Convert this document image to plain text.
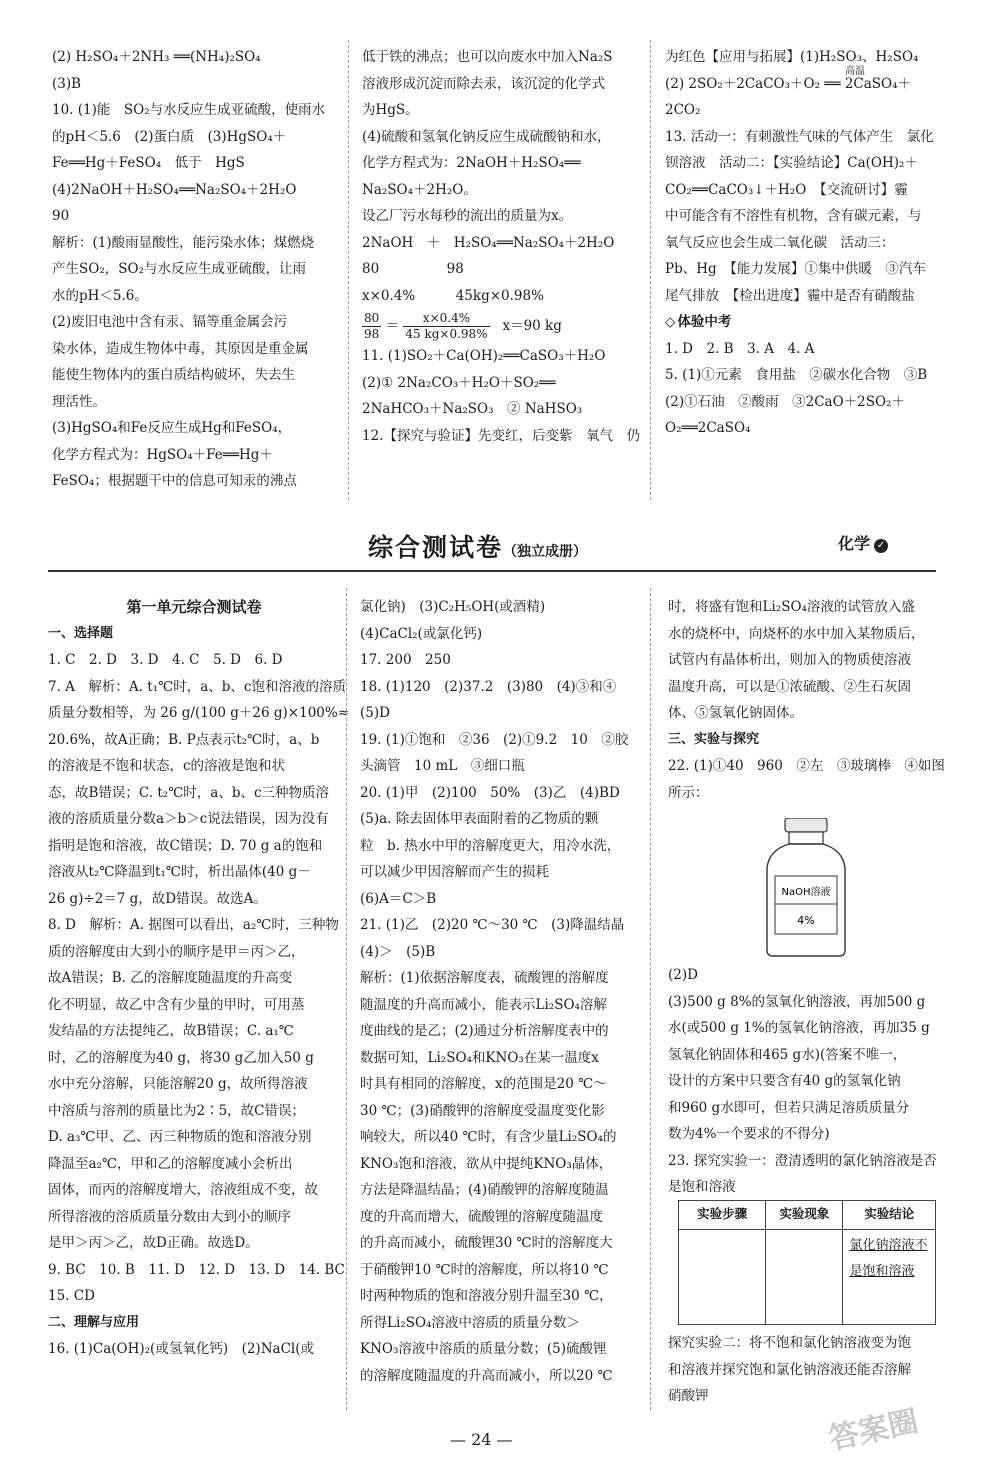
(2) H₂SO₄＋2NH₃ ══(NH₄)₂SO₄
(3)B
10. (1)能　SO₂与水反应生成亚硫酸，使雨水
的pH＜5.6　(2)蛋白质　(3)HgSO₄＋
Fe══Hg＋FeSO₄　低于　HgS
(4)2NaOH＋H₂SO₄══Na₂SO₄＋2H₂O
90
解析：(1)酸雨显酸性，能污染水体；煤燃烧
产生SO₂，SO₂与水反应生成亚硫酸，让雨
水的pH＜5.6。
(2)废旧电池中含有汞、镉等重金属会污
染水体，造成生物体中毒，其原因是重金属
能使生物体内的蛋白质结构破坏，失去生
理活性。
(3)HgSO₄和Fe反应生成Hg和FeSO₄，
化学方程式为：HgSO₄＋Fe══Hg＋
FeSO₄；根据题干中的信息可知汞的沸点
低于铁的沸点；也可以向废水中加入Na₂S
溶液形成沉淀而除去汞，该沉淀的化学式
为HgS。
(4)硫酸和氢氧化钠反应生成硫酸钠和水，
化学方程式为：2NaOH＋H₂SO₄══
Na₂SO₄＋2H₂O。
设乙厂污水每秒的流出的质量为x。
2NaOH　＋　H₂SO₄══Na₂SO₄＋2H₂O
80　　　　　98
x×0.4%　　　45kg×0.98%
$\frac{80}{98} = \frac{x\times 0.4\%}{45 kg\times 0.98\%} x=90$ kg
11. (1)SO₂＋Ca(OH)₂══CaSO₃＋H₂O
(2)① 2Na₂CO₃＋H₂O＋SO₂══
2NaHCO₃＋Na₂SO₃　② NaHSO₃
12.【探究与验证】先变红，后变紫　氧气　仍
为红色【应用与拓展】(1)H₂SO₃、H₂SO₄
(2) 2SO₂＋2CaCO₃＋O₂ ══ 2CaSO₄＋
高温
2CO₂
13. 活动一：有刺激性气味的气体产生　氯化
钡溶液　活动二：【实验结论】Ca(OH)₂＋
CO₂══CaCO₃↓＋H₂O　【交流研讨】霾
中可能含有不溶性有机物，含有碳元素，与
氧气反应也会生成二氧化碳　活动三：
Pb、Hg　【能力发展】①集中供暖　③汽车
尾气排放　【检出进度】霾中是否有硝酸盐
◇ 体验中考
1. D　2. B　3. A　4. A
5. (1)①元素　食用盐　②碳水化合物　③B
(2)①石油　②酸雨　③2CaO＋2SO₂＋
O₂══2CaSO₄
综合测试卷（独立成册）	化学 ✓
第一单元综合测试卷
一、选择题
1. C　2. D　3. D　4. C　5. D　6. D
7. A　解析：A. t₁℃时，a、b、c饱和溶液的溶质
质量分数相等，为 26 g/(100 g＋26 g)×100%≈
20.6%，故A正确；B. P点表示t₂℃时，a、b
的溶液是不饱和状态，c的溶液是饱和状
态，故B错误；C. t₂℃时，a、b、c三种物质溶
液的溶质质量分数a＞b＞c说法错误，因为没有
指明是饱和溶液，故C错误；D. 70 g a的饱和
溶液从t₂℃降温到t₁℃时，析出晶体(40 g－
26 g)÷2＝7 g，故D错误。故选A。
8. D　解析：A. 据图可以看出，a₂℃时，三种物
质的溶解度由大到小的顺序是甲＝丙＞乙，
故A错误；B. 乙的溶解度随温度的升高变
化不明显，故乙中含有少量的甲时，可用蒸
发结晶的方法提纯乙，故B错误；C. a₁℃
时，乙的溶解度为40 g，将30 g乙加入50 g
水中充分溶解，只能溶解20 g，故所得溶液
中溶质与溶剂的质量比为2∶5，故C错误；
D. a₃℃甲、乙、丙三种物质的饱和溶液分别
降温至a₂℃，甲和乙的溶解度减小会析出
固体，而丙的溶解度增大，溶液组成不变，故
所得溶液的溶质质量分数由大到小的顺序
是甲＞丙＞乙，故D正确。故选D。
9. BC　10. B　11. D　12. D　13. D　14. BC
15. CD
二、理解与应用
16. (1)Ca(OH)₂(或氢氧化钙)　(2)NaCl(或
氯化钠)　(3)C₂H₅OH(或酒精)
(4)CaCl₂(或氯化钙)
17. 200　250
18. (1)120　(2)37.2　(3)80　(4)③和④
(5)D
19. (1)①饱和　②36　(2)①9.2　10　②胶
头滴管　10 mL　③细口瓶
20. (1)甲　(2)100　50%　(3)乙　(4)BD
(5)a. 除去固体甲表面附着的乙物质的颗
粒　b. 热水中甲的溶解度更大，用冷水洗，
可以减少甲因溶解而产生的损耗
(6)A＝C＞B
21. (1)乙　(2)20 ℃～30 ℃　(3)降温结晶
(4)＞　(5)B
解析：(1)依据溶解度表，硫酸锂的溶解度
随温度的升高而减小，能表示Li₂SO₄溶解
度曲线的是乙；(2)通过分析溶解度表中的
数据可知，Li₂SO₄和KNO₃在某一温度x
时具有相同的溶解度，x的范围是20 ℃～
30 ℃；(3)硝酸钾的溶解度受温度变化影
响较大，所以40 ℃时，有含少量Li₂SO₄的
KNO₃饱和溶液，欲从中提纯KNO₃晶体，
方法是降温结晶；(4)硝酸钾的溶解度随温
度的升高而增大，硫酸锂的溶解度随温度
的升高而减小，硫酸锂30 ℃时的溶解度大
于硝酸钾10 ℃时的溶解度，所以将10 ℃
时两种物质的饱和溶液分别升温至30 ℃，
所得Li₂SO₄溶液中溶质的质量分数＞
KNO₃溶液中溶质的质量分数；(5)硫酸锂
的溶解度随温度的升高而减小，所以20 ℃
时，将盛有饱和Li₂SO₄溶液的试管放入盛
水的烧杯中，向烧杯的水中加入某物质后，
试管内有晶体析出，则加入的物质使溶液
温度升高，可以是①浓硫酸、②生石灰固
体、⑤氢氧化钠固体。
三、实验与探究
22. (1)①40　960　②左　③玻璃棒　④如图
所示：
NaOH溶液
4%
(2)D
(3)500 g 8%的氢氧化钠溶液，再加500 g
水(或500 g 1%的氢氧化钠溶液，再加35 g
氢氧化钠固体和465 g水)(答案不唯一，
设计的方案中只要含有40 g的氢氧化钠
和960 g水即可，但若只满足溶质质量分
数为4%一个要求的不得分)
23. 探究实验一：澄清透明的氯化钠溶液是否
是饱和溶液
实验步骤	实验现象	实验结论
		氯化钠溶液不是饱和溶液
探究实验二：将不饱和氯化钠溶液变为饱
和溶液并探究饱和氯化钠溶液还能否溶解
硝酸钾
— 24 —	答案圈
